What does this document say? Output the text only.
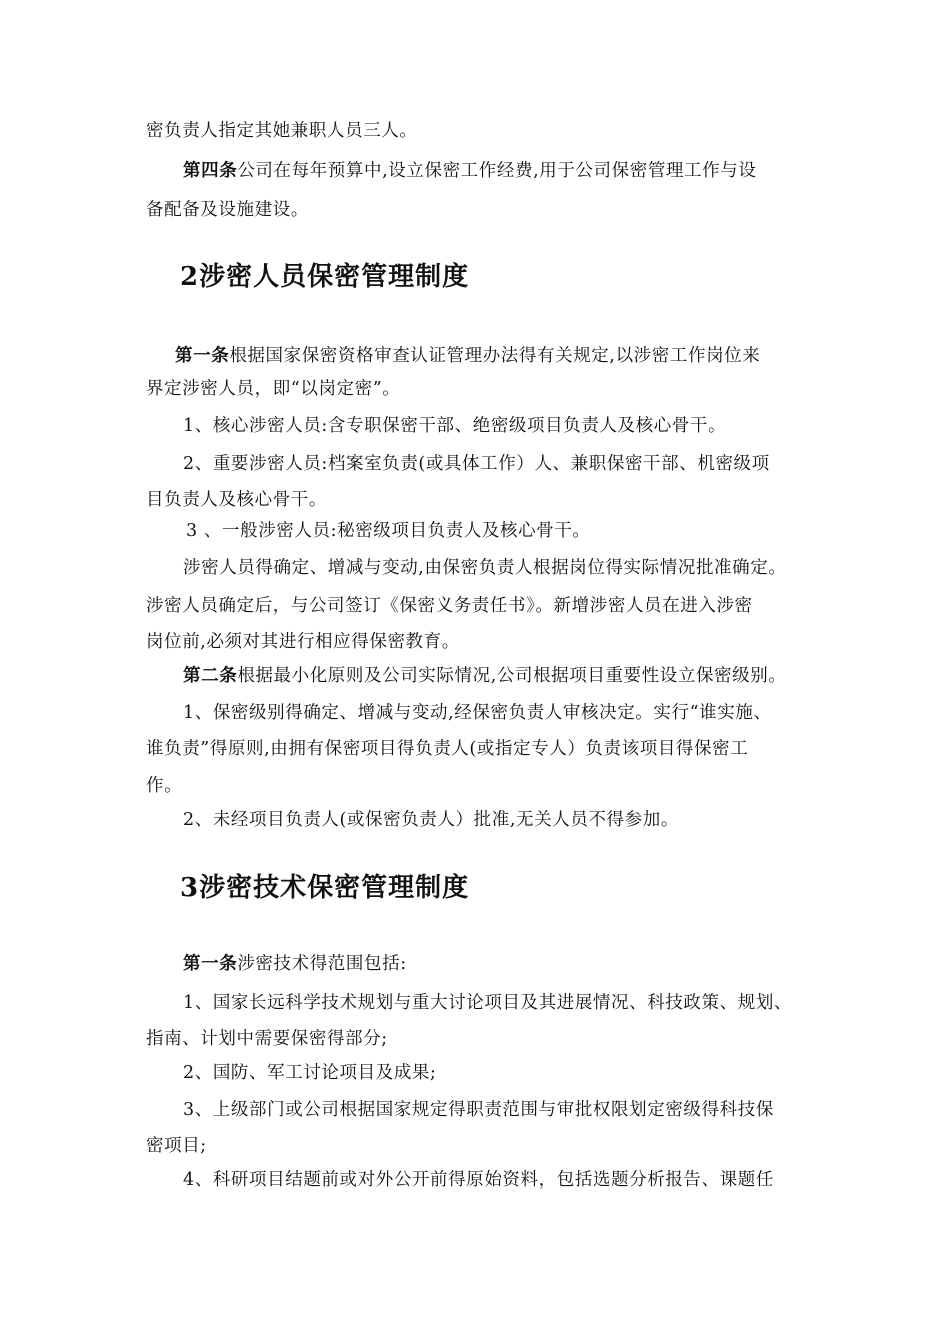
密负责人指定其她兼职人员三人。
第四条公司在每年预算中,设立保密工作经费,用于公司保密管理工作与设
备配备及设施建设。
2涉密人员保密管理制度
第一条根据国家保密资格审查认证管理办法得有关规定,以涉密工作岗位来
界定涉密人员，即“以岗定密”。
1、核心涉密人员:含专职保密干部、绝密级项目负责人及核心骨干。
2、重要涉密人员:档案室负责(或具体工作）人、兼职保密干部、机密级项
目负责人及核心骨干。
3 、一般涉密人员:秘密级项目负责人及核心骨干。
涉密人员得确定、增减与变动,由保密负责人根据岗位得实际情况批准确定。
涉密人员确定后，与公司签订《保密义务责任书》。新增涉密人员在进入涉密
岗位前,必须对其进行相应得保密教育。
第二条根据最小化原则及公司实际情况,公司根据项目重要性设立保密级别。
1、保密级别得确定、增减与变动,经保密负责人审核决定。实行“谁实施、
谁负责”得原则,由拥有保密项目得负责人(或指定专人）负责该项目得保密工
作。
2、未经项目负责人(或保密负责人）批准,无关人员不得参加。
3涉密技术保密管理制度
第一条涉密技术得范围包括:
1、国家长远科学技术规划与重大讨论项目及其进展情况、科技政策、规划、
指南、计划中需要保密得部分;
2、国防、军工讨论项目及成果;
3、上级部门或公司根据国家规定得职责范围与审批权限划定密级得科技保
密项目;
4、科研项目结题前或对外公开前得原始资料，包括选题分析报告、课题任
